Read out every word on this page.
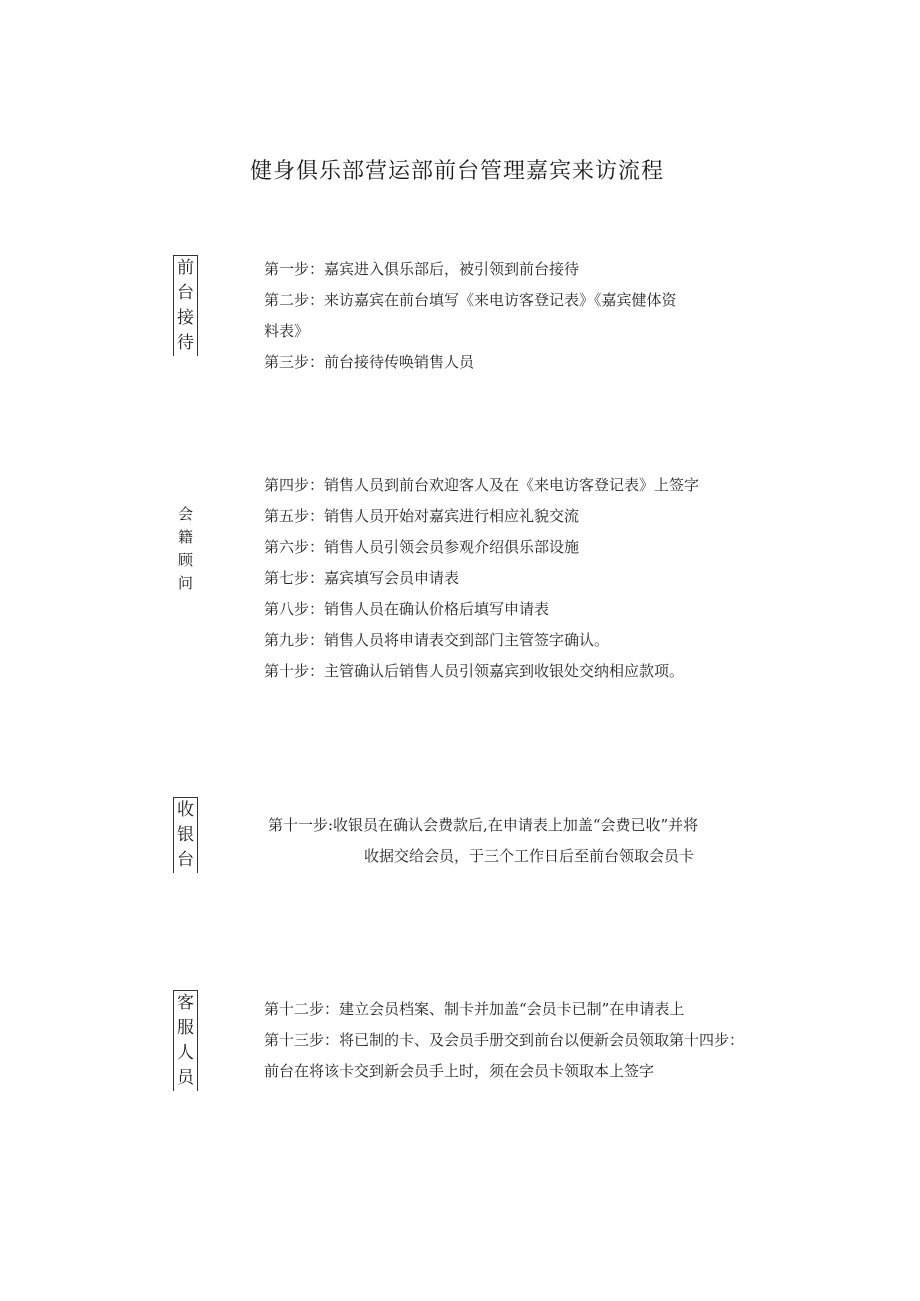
健身俱乐部营运部前台管理嘉宾来访流程
前
台
接
待
第一步：嘉宾进入俱乐部后，被引领到前台接待
第二步：来访嘉宾在前台填写《来电访客登记表》《嘉宾健体资
料表》
第三步：前台接待传唤销售人员
会
籍
顾
问
第四步：销售人员到前台欢迎客人及在《来电访客登记表》上签字
第五步：销售人员开始对嘉宾进行相应礼貌交流
第六步：销售人员引领会员参观介绍俱乐部设施
第七步：嘉宾填写会员申请表
第八步：销售人员在确认价格后填写申请表
第九步：销售人员将申请表交到部门主管签字确认。
第十步：主管确认后销售人员引领嘉宾到收银处交纳相应款项。
收
银
台
第十一步:收银员在确认会费款后,在申请表上加盖“会费已收”并将
收据交给会员，于三个工作日后至前台领取会员卡
客
服
人
员
第十二步：建立会员档案、制卡并加盖“会员卡已制”在申请表上
第十三步：将已制的卡、及会员手册交到前台以便新会员领取第十四步：
前台在将该卡交到新会员手上时，须在会员卡领取本上签字
